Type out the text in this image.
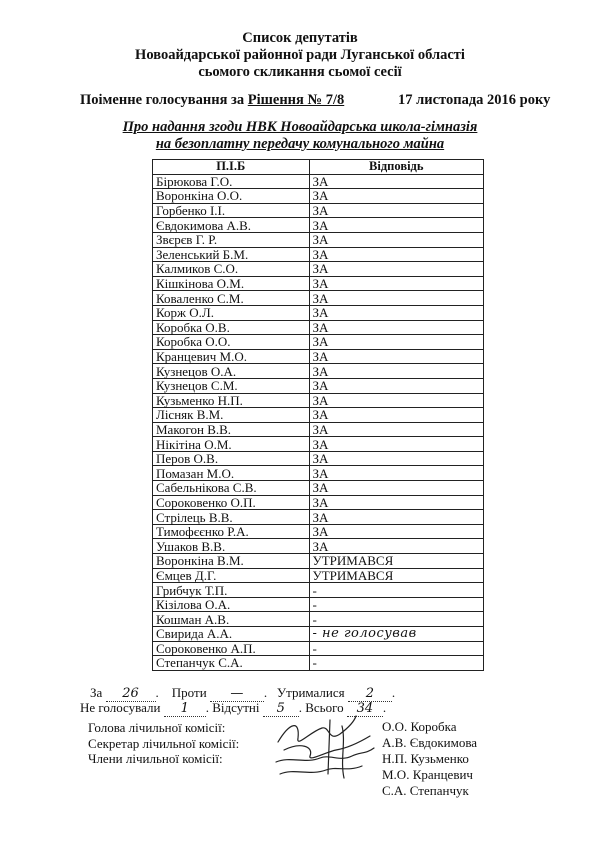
Список депутатів
Новоайдарської районної ради Луганської області
сьомого скликання сьомої сесії
Поіменне голосування за Рішення № 7/8	17 листопада 2016 року
Про надання згоди НВК Новоайдарська школа-гімназія
на безоплатну передачу комунального майна
П.І.Б	Відповідь
Бірюкова Г.О.	ЗА
Воронкіна О.О.	ЗА
Горбенко І.І.	ЗА
Євдокимова А.В.	ЗА
Звєрєв Г. Р.	ЗА
Зеленський Б.М.	ЗА
Калмиков С.О.	ЗА
Кішкінова О.М.	ЗА
Коваленко С.М.	ЗА
Корж О.Л.	ЗА
Коробка О.В.	ЗА
Коробка О.О.	ЗА
Кранцевич М.О.	ЗА
Кузнецов О.А.	ЗА
Кузнецов С.М.	ЗА
Кузьменко Н.П.	ЗА
Лісняк В.М.	ЗА
Макогон В.В.	ЗА
Нікітіна О.М.	ЗА
Перов О.В.	ЗА
Помазан М.О.	ЗА
Сабельнікова С.В.	ЗА
Сороковенко О.П.	ЗА
Стрілець В.В.	ЗА
Тимофєєнко Р.А.	ЗА
Ушаков В.В.	ЗА
Воронкіна В.М.	УТРИМАВСЯ
Ємцев Д.Г.	УТРИМАВСЯ
Грибчук Т.П.	-
Кізілова О.А.	-
Кошман А.В.	-
Свирида А.А.	- не голосував
Сороковенко А.П.	-
Степанчук С.А.	-
За 26 .    Проти — .   Утрималися 2 .
Не голосували 1 . Відсутні 5 . Всього 34 .
Голова лічильної комісії:
Секретар лічильної комісії:
Члени лічильної комісії:
О.О. Коробка
А.В. Євдокимова
Н.П. Кузьменко
М.О. Кранцевич
С.А. Степанчук
